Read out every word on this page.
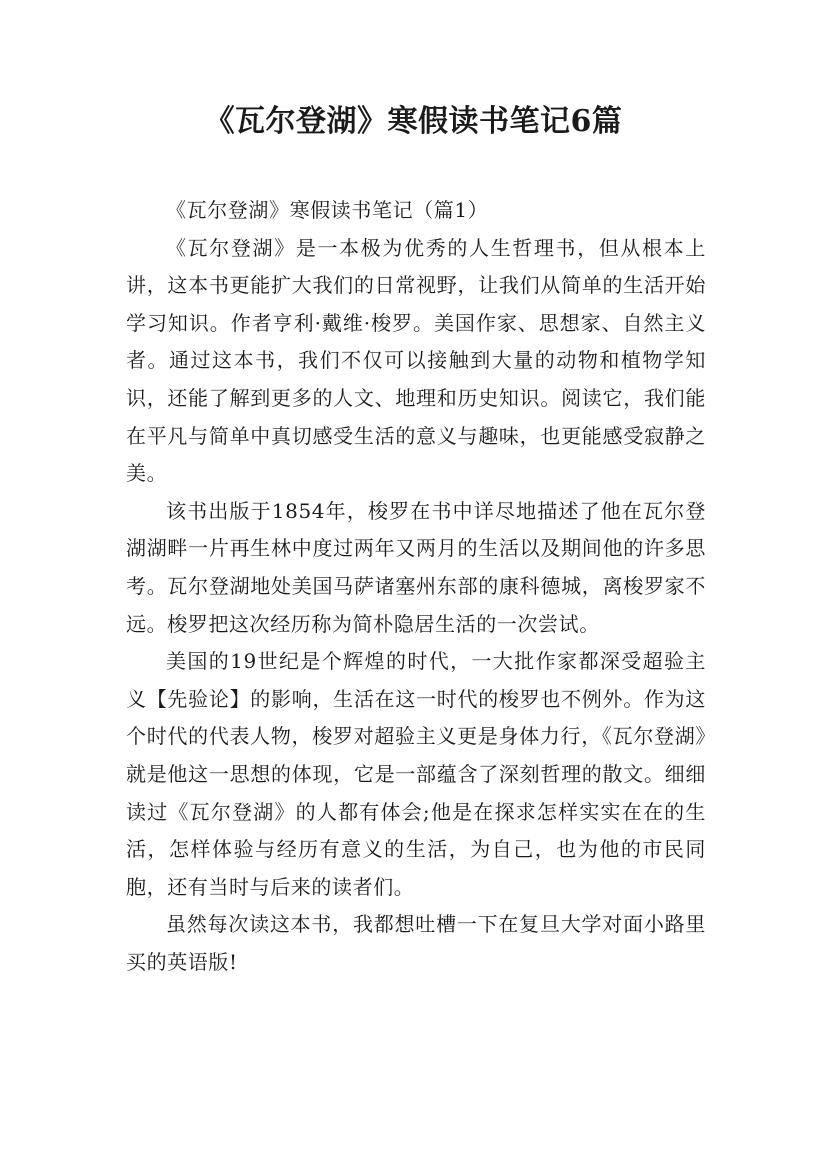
《瓦尔登湖》寒假读书笔记6篇

《瓦尔登湖》寒假读书笔记（篇1）

《瓦尔登湖》是一本极为优秀的人生哲理书，但从根本上讲，这本书更能扩大我们的日常视野，让我们从简单的生活开始学习知识。作者亨利·戴维·梭罗。美国作家、思想家、自然主义者。通过这本书，我们不仅可以接触到大量的动物和植物学知识，还能了解到更多的人文、地理和历史知识。阅读它，我们能在平凡与简单中真切感受生活的意义与趣味，也更能感受寂静之美。

该书出版于1854年，梭罗在书中详尽地描述了他在瓦尔登湖湖畔一片再生林中度过两年又两月的生活以及期间他的许多思考。瓦尔登湖地处美国马萨诸塞州东部的康科德城，离梭罗家不远。梭罗把这次经历称为简朴隐居生活的一次尝试。

美国的19世纪是个辉煌的时代，一大批作家都深受超验主义【先验论】的影响，生活在这一时代的梭罗也不例外。作为这个时代的代表人物，梭罗对超验主义更是身体力行，《瓦尔登湖》就是他这一思想的体现，它是一部蕴含了深刻哲理的散文。细细读过《瓦尔登湖》的人都有体会;他是在探求怎样实实在在的生活，怎样体验与经历有意义的生活，为自己，也为他的市民同胞，还有当时与后来的读者们。

虽然每次读这本书，我都想吐槽一下在复旦大学对面小路里买的英语版!
